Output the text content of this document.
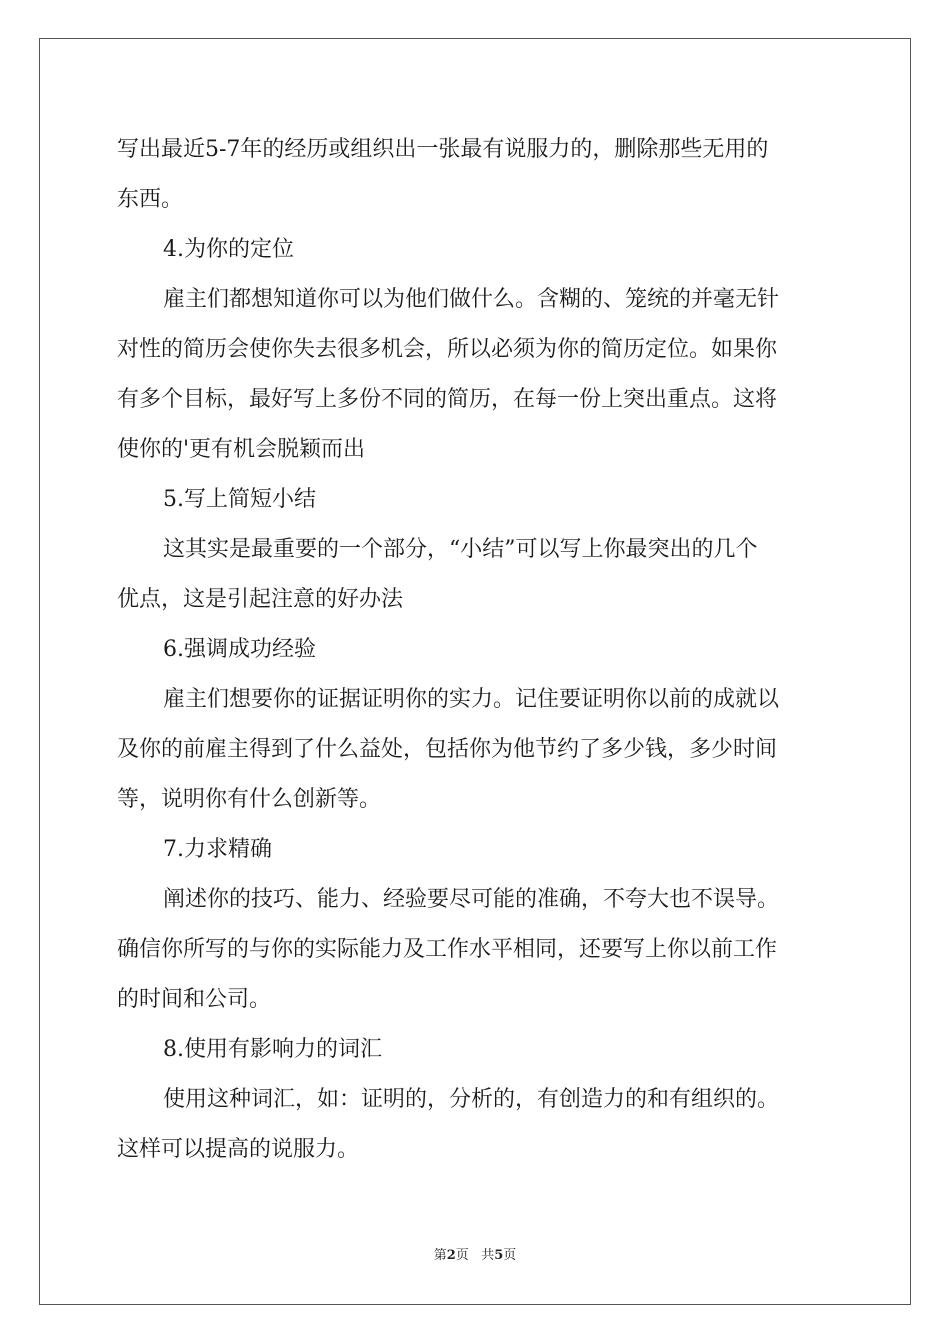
写出最近5-7年的经历或组织出一张最有说服力的，删除那些无用的
东西。
4.为你的定位
雇主们都想知道你可以为他们做什么。含糊的、笼统的并毫无针
对性的简历会使你失去很多机会，所以必须为你的简历定位。如果你
有多个目标，最好写上多份不同的简历，在每一份上突出重点。这将
使你的'更有机会脱颖而出
5.写上简短小结
这其实是最重要的一个部分，“小结”可以写上你最突出的几个
优点，这是引起注意的好办法
6.强调成功经验
雇主们想要你的证据证明你的实力。记住要证明你以前的成就以
及你的前雇主得到了什么益处，包括你为他节约了多少钱，多少时间
等，说明你有什么创新等。
7.力求精确
阐述你的技巧、能力、经验要尽可能的准确，不夸大也不误导。
确信你所写的与你的实际能力及工作水平相同，还要写上你以前工作
的时间和公司。
8.使用有影响力的词汇
使用这种词汇，如：证明的，分析的，有创造力的和有组织的。
这样可以提高的说服力。
第2页 共5页
